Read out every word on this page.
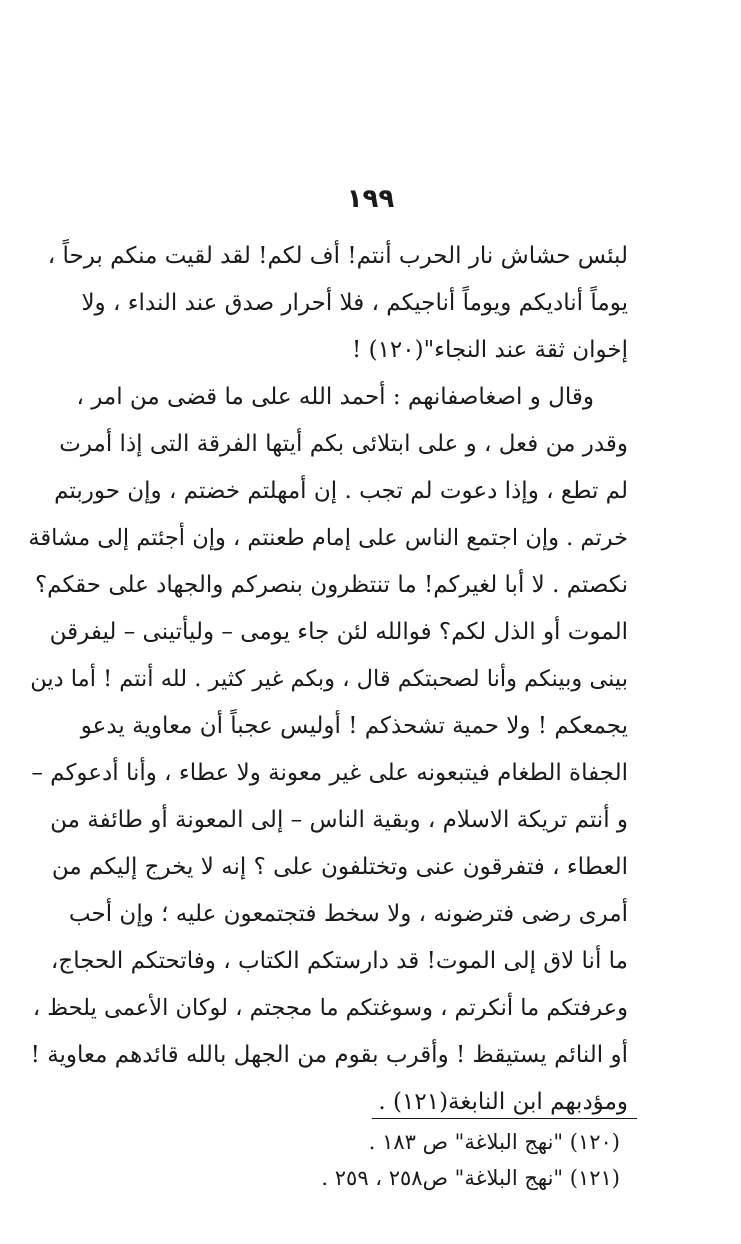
١٩٩
لبئس حشاش نار الحرب أنتم! أف لكم! لقد لقيت منكم برحاً ،
يوماً أناديكم ويوماً أناجيكم ، فلا أحرار صدق عند النداء ، ولا
إخوان ثقة عند النجاء"(١٢٠) !
وقال و اصغاصفانهم : أحمد الله على ما قضى من امر ،
وقدر من فعل ، و على ابتلائى بكم أيتها الفرقة التى إذا أمرت
لم تطع ، وإذا دعوت لم تجب . إن أمهلتم خضتم ، وإن حوربتم
خرتم . وإن اجتمع الناس على إمام طعنتم ، وإن أجئتم إلى مشاقة
نكصتم . لا أبا لغيركم! ما تنتظرون بنصركم والجهاد على حقكم؟
الموت أو الذل لكم؟ فوالله لئن جاء يومى – وليأتينى – ليفرقن
بينى وبينكم وأنا لصحبتكم قال ، وبكم غير كثير . لله أنتم ! أما دين
يجمعكم ! ولا حمية تشحذكم ! أوليس عجباً أن معاوية يدعو
الجفاة الطغام فيتبعونه على غير معونة ولا عطاء ، وأنا أدعوكم –
و أنتم تريكة الاسلام ، وبقية الناس – إلى المعونة أو طائفة من
العطاء ، فتفرقون عنى وتختلفون على ؟ إنه لا يخرج إليكم من
أمرى رضى فترضونه ، ولا سخط فتجتمعون عليه ؛ وإن أحب
ما أنا لاق إلى الموت! قد دارستكم الكتاب ، وفاتحتكم الحجاج،
وعرفتكم ما أنكرتم ، وسوغتكم ما مججتم ، لوكان الأعمى يلحظ ،
أو النائم يستيقظ ! وأقرب بقوم من الجهل بالله قائدهم معاوية !
ومؤدبهم ابن النابغة(١٢١) .
(١٢٠) "نهج البلاغة" ص ١٨٣ .
(١٢١) "نهج البلاغة" ص٢٥٨ ، ٢٥٩ .
